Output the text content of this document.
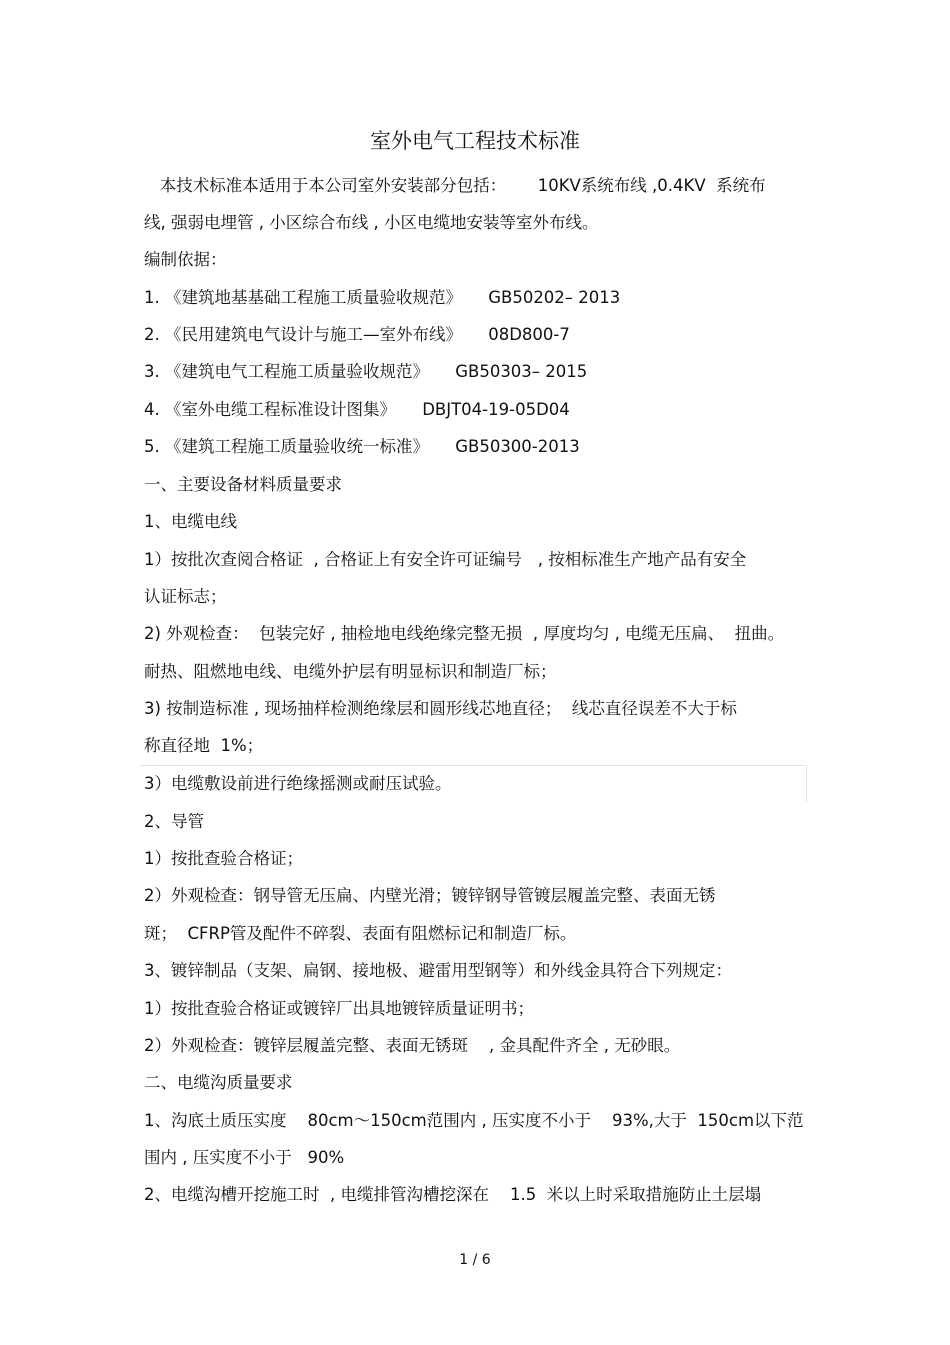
室外电气工程技术标准
本技术标准本适用于本公司室外安装部分包括：      10KV系统布线 ,0.4KV  系统布
线, 强弱电埋管 , 小区综合布线 , 小区电缆地安装等室外布线。
编制依据：
1. 《建筑地基基础工程施工质量验收规范》     GB50202– 2013
2. 《民用建筑电气设计与施工—室外布线》     08D800-7
3. 《建筑电气工程施工质量验收规范》     GB50303– 2015
4. 《室外电缆工程标准设计图集》     DBJT04-19-05D04
5. 《建筑工程施工质量验收统一标准》     GB50300-2013
一、主要设备材料质量要求
1、电缆电线
1）按批次查阅合格证  , 合格证上有安全许可证编号   , 按相标准生产地产品有安全
认证标志；
2) 外观检查：  包装完好 , 抽检地电线绝缘完整无损  , 厚度均匀 , 电缆无压扁、  扭曲。
耐热、阻燃地电线、电缆外护层有明显标识和制造厂标；
3) 按制造标准 , 现场抽样检测绝缘层和圆形线芯地直径；  线芯直径误差不大于标
称直径地  1%；
3）电缆敷设前进行绝缘摇测或耐压试验。
2、导管
1）按批查验合格证；
2）外观检查：钢导管无压扁、内壁光滑；镀锌钢导管镀层履盖完整、表面无锈
斑；  CFRP管及配件不碎裂、表面有阻燃标记和制造厂标。
3、镀锌制品（支架、扁钢、接地极、避雷用型钢等）和外线金具符合下列规定：
1）按批查验合格证或镀锌厂出具地镀锌质量证明书；
2）外观检查：镀锌层履盖完整、表面无锈斑    , 金具配件齐全 , 无砂眼。
二、电缆沟质量要求
1、沟底土质压实度    80cm～150cm范围内 , 压实度不小于    93%,大于  150cm以下范
围内 , 压实度不小于   90%
2、电缆沟槽开挖施工时  , 电缆排管沟槽挖深在    1.5  米以上时采取措施防止土层塌
1 / 6
